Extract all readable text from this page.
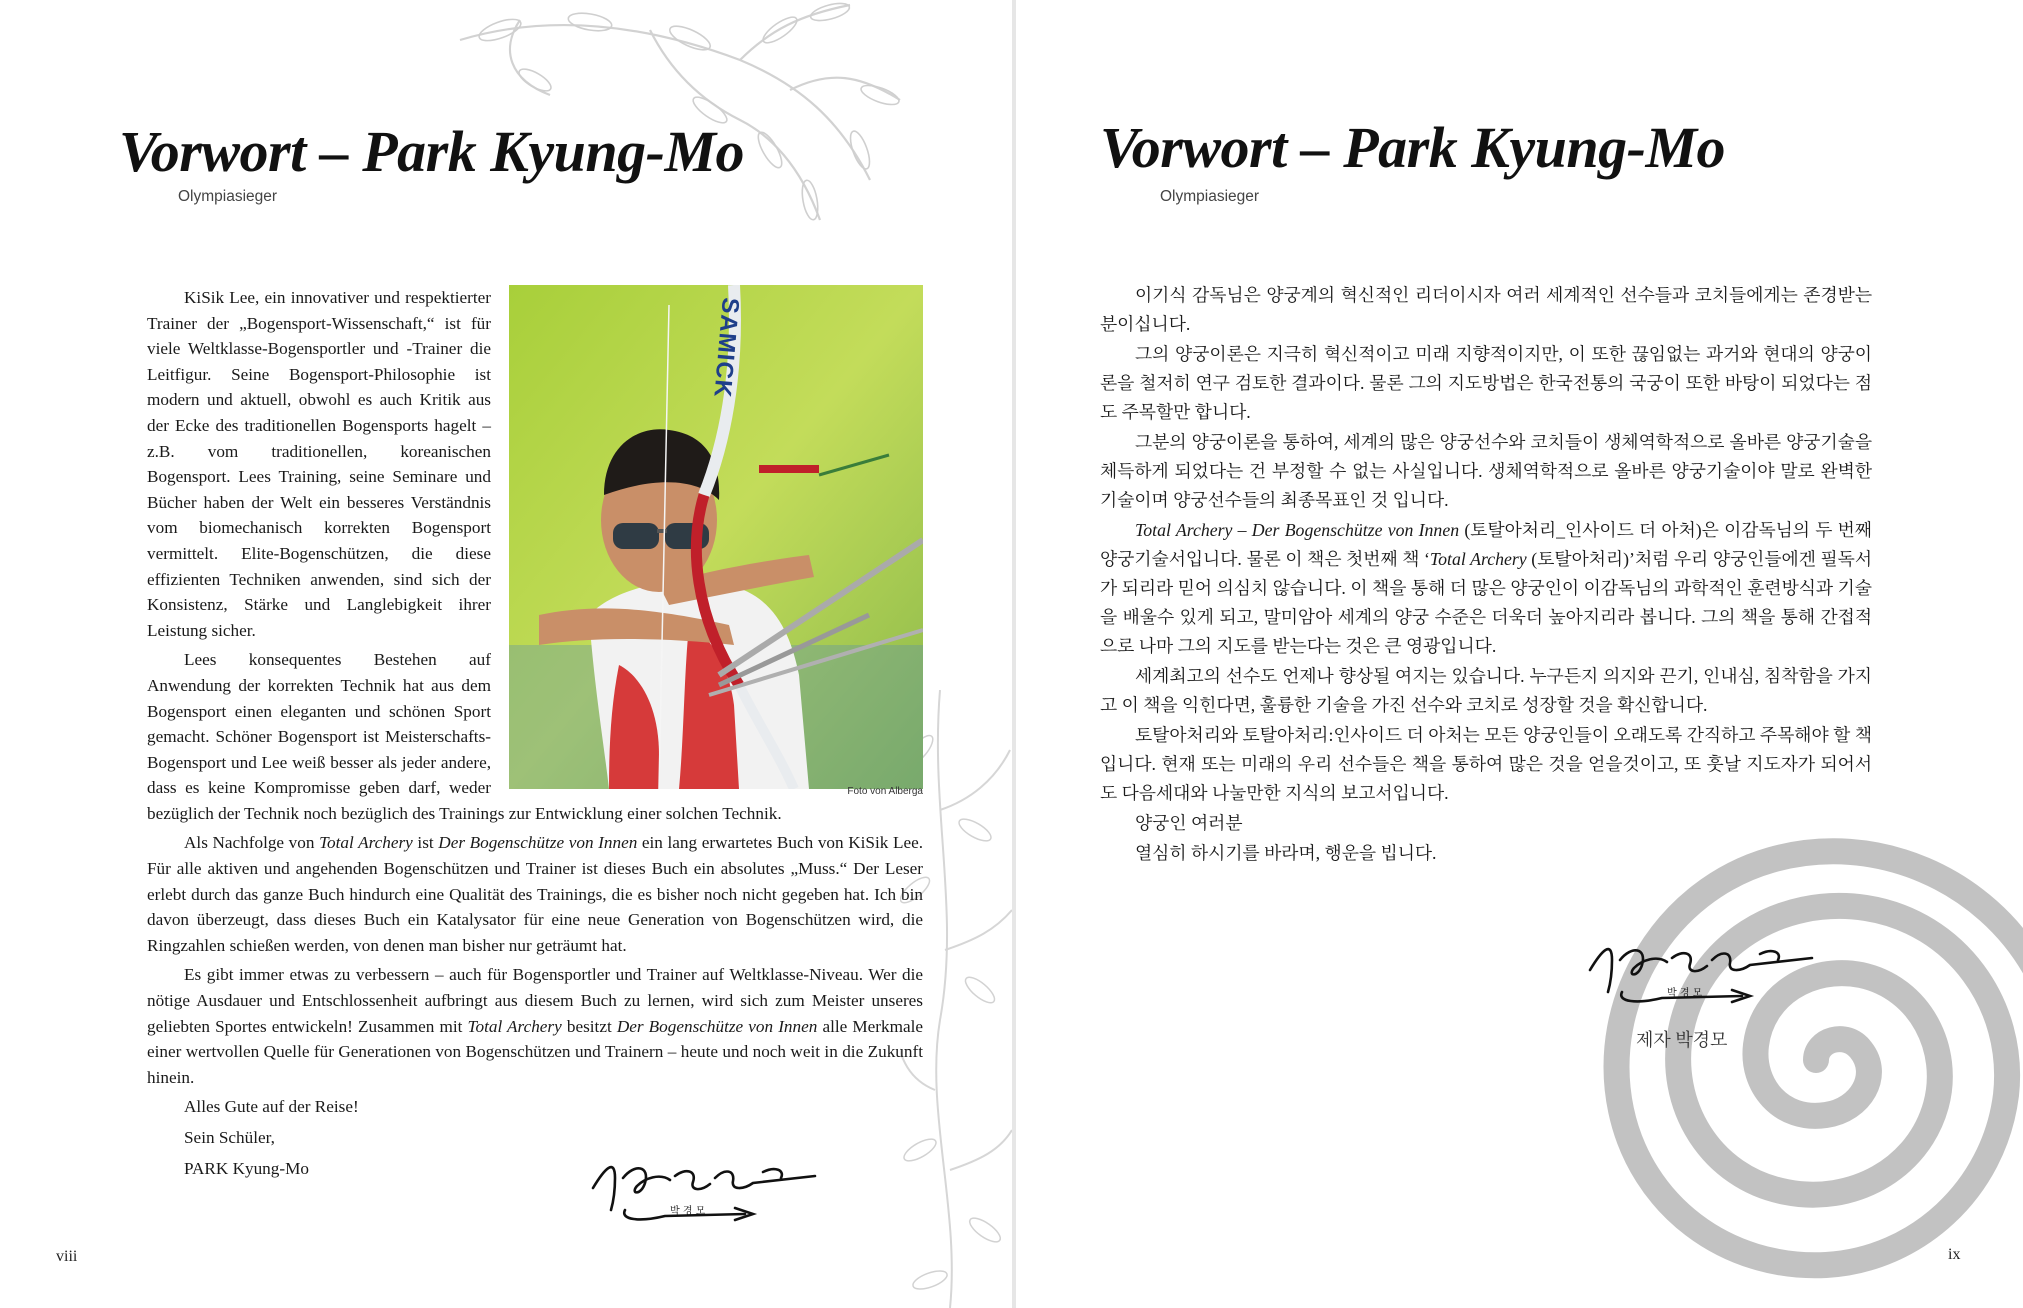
Vorwort – Park Kyung-Mo
Olympiasieger
SAMICK
Foto von Alberga

KiSik Lee, ein innovativer und respektierter Trainer der „Bogensport-Wissenschaft,“ ist für viele Weltklasse-Bogensportler und -Trainer die Leitfigur. Seine Bogensport-Philosophie ist modern und aktuell, obwohl es auch Kritik aus der Ecke des traditionellen Bogensports hagelt – z.B. vom traditionellen, koreanischen Bogensport. Lees Training, seine Seminare und Bücher haben der Welt ein besseres Verständnis vom biomechanisch korrekten Bogensport vermittelt. Elite-Bogenschützen, die diese effizienten Techniken anwenden, sind sich der Konsistenz, Stärke und Langlebigkeit ihrer Leistung sicher.

Lees konsequentes Bestehen auf Anwendung der korrekten Technik hat aus dem Bogensport einen eleganten und schönen Sport gemacht. Schöner Bogensport ist Meisterschafts-Bogensport und Lee weiß besser als jeder andere, dass es keine Kompromisse geben darf, weder bezüglich der Technik noch bezüglich des Trainings zur Entwicklung einer solchen Technik.

Als Nachfolge von Total Archery ist Der Bogenschütze von Innen ein lang erwartetes Buch von KiSik Lee. Für alle aktiven und angehenden Bogenschützen und Trainer ist dieses Buch ein absolutes „Muss.“ Der Leser erlebt durch das ganze Buch hindurch eine Qualität des Trainings, die es bisher noch nicht gegeben hat. Ich bin davon überzeugt, dass dieses Buch ein Katalysator für eine neue Generation von Bogenschützen wird, die Ringzahlen schießen werden, von denen man bisher nur geträumt hat.

Es gibt immer etwas zu verbessern – auch für Bogensportler und Trainer auf Weltklasse-Niveau. Wer die nötige Ausdauer und Entschlossenheit aufbringt aus diesem Buch zu lernen, wird sich zum Meister unseres geliebten Sportes entwickeln! Zusammen mit Total Archery besitzt Der Bogenschütze von Innen alle Merkmale einer wertvollen Quelle für Generationen von Bogenschützen und Trainern – heute und noch weit in die Zukunft hinein.

Alles Gute auf der Reise!

Sein Schüler,

PARK Kyung-Mo

박 경 모
viii
Vorwort – Park Kyung-Mo
Olympiasieger

이기식 감독님은 양궁계의 혁신적인 리더이시자 여러 세계적인 선수들과 코치들에게는 존경받는 분이십니다.

그의 양궁이론은 지극히 혁신적이고 미래 지향적이지만, 이 또한 끊임없는 과거와 현대의 양궁이론을 철저히 연구 검토한 결과이다. 물론 그의 지도방법은 한국전통의 국궁이 또한 바탕이 되었다는 점도 주목할만 합니다.

그분의 양궁이론을 통하여, 세계의 많은 양궁선수와 코치들이 생체역학적으로 올바른 양궁기술을 체득하게 되었다는 건 부정할 수 없는 사실입니다. 생체역학적으로 올바른 양궁기술이야 말로 완벽한 기술이며 양궁선수들의 최종목표인 것 입니다.

Total Archery – Der Bogenschütze von Innen (토탈아처리_인사이드 더 아처)은 이감독님의 두 번째 양궁기술서입니다. 물론 이 책은 첫번째 책 ‘Total Archery (토탈아처리)’처럼 우리 양궁인들에겐 필독서가 되리라 믿어 의심치 않습니다. 이 책을 통해 더 많은 양궁인이 이감독님의 과학적인 훈련방식과 기술을 배울수 있게 되고, 말미암아 세계의 양궁 수준은 더욱더 높아지리라 봅니다. 그의 책을 통해 간접적으로 나마 그의 지도를 받는다는 것은 큰 영광입니다.

세계최고의 선수도 언제나 향상될 여지는 있습니다. 누구든지 의지와 끈기, 인내심, 침착함을 가지고 이 책을 익힌다면, 훌륭한 기술을 가진 선수와 코치로 성장할 것을 확신합니다.

토탈아처리와 토탈아처리:인사이드 더 아처는 모든 양궁인들이 오래도록 간직하고 주목해야 할 책입니다. 현재 또는 미래의 우리 선수들은 책을 통하여 많은 것을 얻을것이고, 또 훗날 지도자가 되어서도 다음세대와 나눌만한 지식의 보고서입니다.

양궁인 여러분

열심히 하시기를 바라며, 행운을 빕니다.

박 경 모
제자 박경모
ix
